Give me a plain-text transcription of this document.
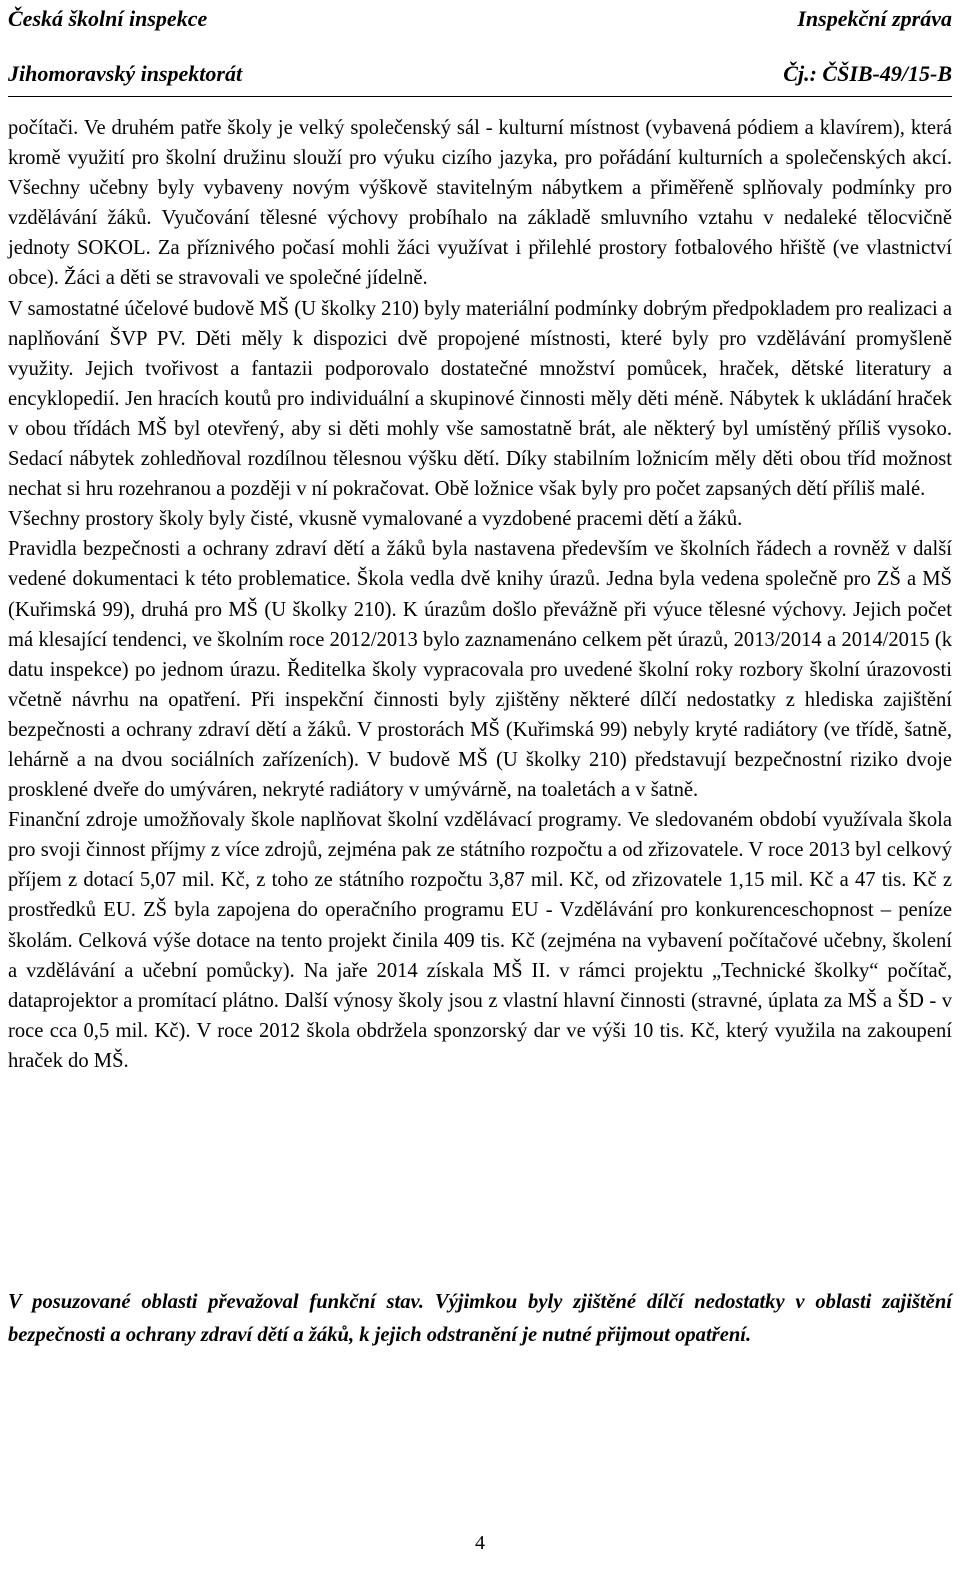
Česká školní inspekce	Inspekční zpráva
Jihomoravský inspektorát	Čj.: ČŠIB-49/15-B

počítači. Ve druhém patře školy je velký společenský sál - kulturní místnost (vybavená pódiem a klavírem), která kromě využití pro školní družinu slouží pro výuku cizího jazyka, pro pořádání kulturních a společenských akcí. Všechny učebny byly vybaveny novým výškově stavitelným nábytkem a přiměřeně splňovaly podmínky pro vzdělávání žáků. Vyučování tělesné výchovy probíhalo na základě smluvního vztahu v nedaleké tělocvičně jednoty SOKOL. Za příznivého počasí mohli žáci využívat i přilehlé prostory fotbalového hřiště (ve vlastnictví obce). Žáci a děti se stravovali ve společné jídelně.

V samostatné účelové budově MŠ (U školky 210) byly materiální podmínky dobrým předpokladem pro realizaci a naplňování ŠVP PV. Děti měly k dispozici dvě propojené místnosti, které byly pro vzdělávání promyšleně využity. Jejich tvořivost a fantazii podporovalo dostatečné množství pomůcek, hraček, dětské literatury a encyklopedií. Jen hracích koutů pro individuální a skupinové činnosti měly děti méně. Nábytek k ukládání hraček v obou třídách MŠ byl otevřený, aby si děti mohly vše samostatně brát, ale některý byl umístěný příliš vysoko. Sedací nábytek zohledňoval rozdílnou tělesnou výšku dětí. Díky stabilním ložnicím měly děti obou tříd možnost nechat si hru rozehranou a později v ní pokračovat. Obě ložnice však byly pro počet zapsaných dětí příliš malé.

Všechny prostory školy byly čisté, vkusně vymalované a vyzdobené pracemi dětí a žáků.

Pravidla bezpečnosti a ochrany zdraví dětí a žáků byla nastavena především ve školních řádech a rovněž v další vedené dokumentaci k této problematice. Škola vedla dvě knihy úrazů. Jedna byla vedena společně pro ZŠ a MŠ (Kuřimská 99), druhá pro MŠ (U školky 210). K úrazům došlo převážně při výuce tělesné výchovy. Jejich počet má klesající tendenci, ve školním roce 2012/2013 bylo zaznamenáno celkem pět úrazů, 2013/2014 a 2014/2015 (k datu inspekce) po jednom úrazu. Ředitelka školy vypracovala pro uvedené školní roky rozbory školní úrazovosti včetně návrhu na opatření. Při inspekční činnosti byly zjištěny některé dílčí nedostatky z hlediska zajištění bezpečnosti a ochrany zdraví dětí a žáků. V prostorách MŠ (Kuřimská 99) nebyly kryté radiátory (ve třídě, šatně, lehárně a na dvou sociálních zařízeních). V budově MŠ (U školky 210) představují bezpečnostní riziko dvoje prosklené dveře do umýváren, nekryté radiátory v umývárně, na toaletách a v šatně.

Finanční zdroje umožňovaly škole naplňovat školní vzdělávací programy. Ve sledovaném období využívala škola pro svoji činnost příjmy z více zdrojů, zejména pak ze státního rozpočtu a od zřizovatele. V roce 2013 byl celkový příjem z dotací 5,07 mil. Kč, z toho ze státního rozpočtu 3,87 mil. Kč, od zřizovatele 1,15 mil. Kč a 47 tis. Kč z prostředků EU. ZŠ byla zapojena do operačního programu EU - Vzdělávání pro konkurenceschopnost – peníze školám. Celková výše dotace na tento projekt činila 409 tis. Kč (zejména na vybavení počítačové učebny, školení a vzdělávání a učební pomůcky). Na jaře 2014 získala MŠ II. v rámci projektu „Technické školky“ počítač, dataprojektor a promítací plátno. Další výnosy školy jsou z vlastní hlavní činnosti (stravné, úplata za MŠ a ŠD - v roce cca 0,5 mil. Kč). V roce 2012 škola obdržela sponzorský dar ve výši 10 tis. Kč, který využila na zakoupení hraček do MŠ.

V posuzované oblasti převažoval funkční stav. Výjimkou byly zjištěné dílčí nedostatky v oblasti zajištění bezpečnosti a ochrany zdraví dětí a žáků, k jejich odstranění je nutné přijmout opatření.

4
